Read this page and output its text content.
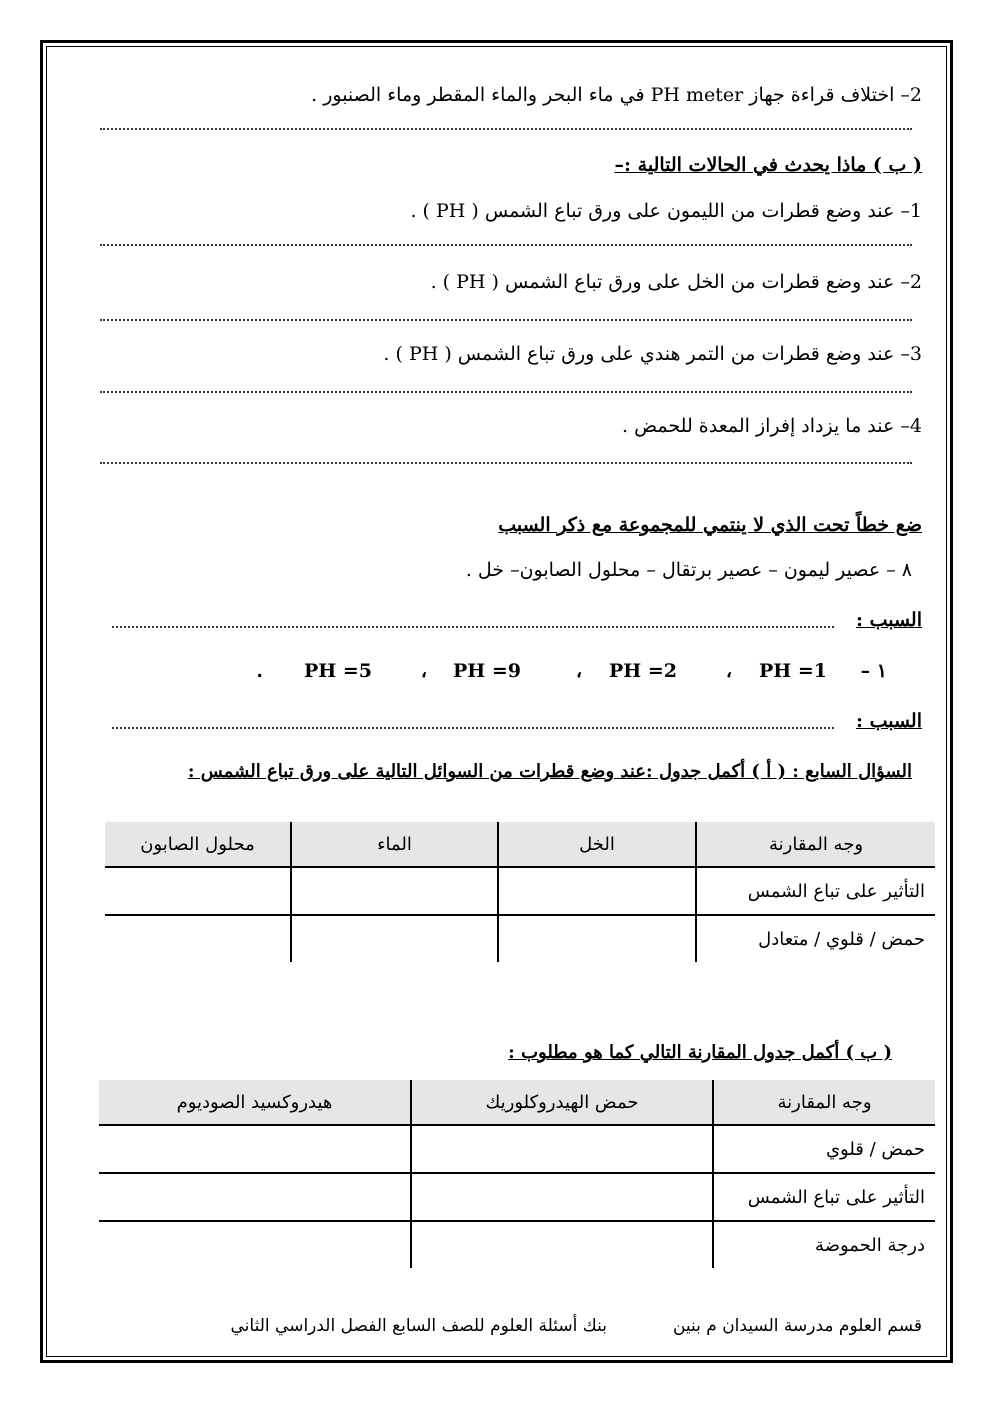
2– اختلاف قراءة جهاز PH meter في ماء البحر والماء المقطر وماء الصنبور .
( ب ) ماذا يحدث في الحالات التالية :–
1– عند وضع قطرات من الليمون على ورق تباع الشمس ( PH ) .
2– عند وضع قطرات من الخل على ورق تباع الشمس ( PH ) .
3– عند وضع قطرات من التمر هندي على ورق تباع الشمس ( PH ) .
4– عند ما يزداد إفراز المعدة للحمض .
ضع خطاً تحت الذي لا ينتمي للمجموعة مع ذكر السبب
٨ – عصير ليمون – عصير برتقال – محلول الصابون– خل .
السبب :
١ –
PH =1
،
PH =2
،
PH =9
،
PH =5
.
السبب :
السؤال السابع : ( أ ) أكمل جدول :عند وضع قطرات من السوائل التالية على ورق تباع الشمس :
وجه المقارنة	الخل	الماء	محلول الصابون
التأثير على تباع الشمس			
حمض / قلوي / متعادل			
( ب ) أكمل جدول المقارنة التالي كما هو مطلوب :
وجه المقارنة	حمض الهيدروكلوريك	هيدروكسيد الصوديوم
حمض / قلوي		
التأثير على تباع الشمس		
درجة الحموضة		
قسم العلوم مدرسة السيدان م بنين
بنك أسئلة العلوم للصف السابع الفصل الدراسي الثاني
